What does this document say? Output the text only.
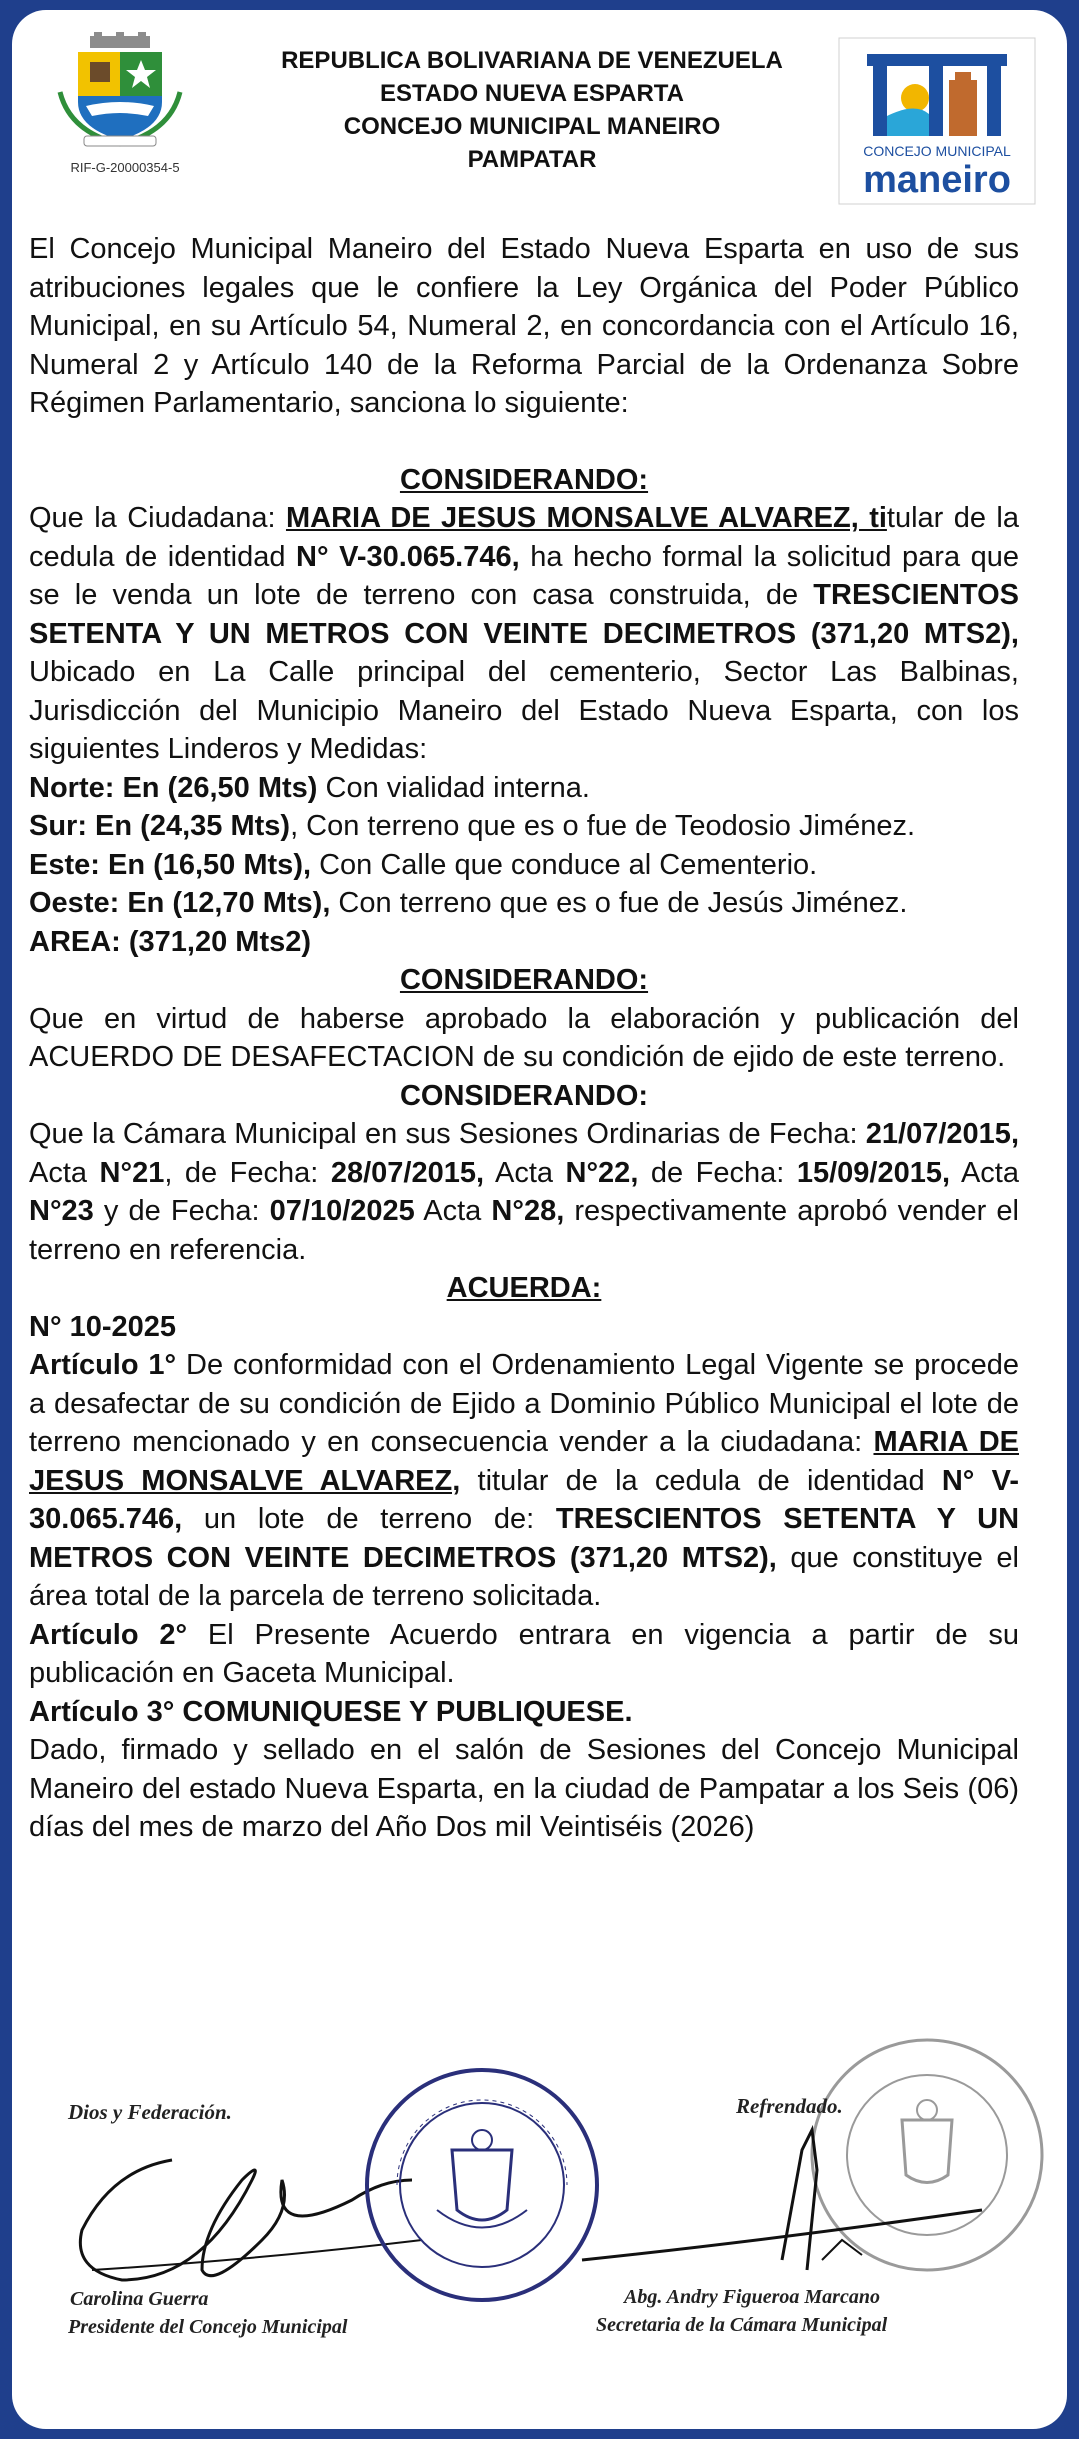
RIF-G-20000354-5
REPUBLICA BOLIVARIANA DE VENEZUELA
ESTADO NUEVA ESPARTA
CONCEJO MUNICIPAL MANEIRO
PAMPATAR	CONCEJO MUNICIPAL
maneiro

El Concejo Municipal Maneiro del Estado Nueva Esparta en uso de sus atribuciones legales que le confiere la Ley Orgánica del Poder Público Municipal, en su Artículo 54, Numeral 2, en concordancia con el Artículo 16, Numeral 2 y Artículo 140 de la Reforma Parcial de la Ordenanza Sobre Régimen Parlamentario, sanciona lo siguiente:

CONSIDERANDO:

Que la Ciudadana: MARIA DE JESUS MONSALVE ALVAREZ, titular de la cedula de identidad N° V-30.065.746, ha hecho formal la solicitud para que se le venda un lote de terreno con casa construida, de TRESCIENTOS SETENTA Y UN METROS CON VEINTE DECIMETROS (371,20 MTS2), Ubicado en La Calle principal del cementerio, Sector Las Balbinas, Jurisdicción del Municipio Maneiro del Estado Nueva Esparta, con los siguientes Linderos y Medidas:

Norte: En (26,50 Mts) Con vialidad interna.

Sur: En (24,35 Mts), Con terreno que es o fue de Teodosio Jiménez.

Este: En (16,50 Mts), Con Calle que conduce al Cementerio.

Oeste: En (12,70 Mts), Con terreno que es o fue de Jesús Jiménez.

AREA: (371,20 Mts2)

CONSIDERANDO:

Que en virtud de haberse aprobado la elaboración y publicación del ACUERDO DE DESAFECTACION de su condición de ejido de este terreno.

CONSIDERANDO:

Que la Cámara Municipal en sus Sesiones Ordinarias de Fecha: 21/07/2015, Acta N°21, de Fecha: 28/07/2015, Acta N°22, de Fecha: 15/09/2015, Acta N°23 y de Fecha: 07/10/2025 Acta N°28, respectivamente aprobó vender el terreno en referencia.

ACUERDA:

N° 10-2025

Artículo 1° De conformidad con el Ordenamiento Legal Vigente se procede a desafectar de su condición de Ejido a Dominio Público Municipal el lote de terreno mencionado y en consecuencia vender a la ciudadana: MARIA DE JESUS MONSALVE ALVAREZ, titular de la cedula de identidad N° V-30.065.746, un lote de terreno de: TRESCIENTOS SETENTA Y UN METROS CON VEINTE DECIMETROS (371,20 MTS2), que constituye el área total de la parcela de terreno solicitada.

Artículo 2° El Presente Acuerdo entrara en vigencia a partir de su publicación en Gaceta Municipal.

Artículo 3° COMUNIQUESE Y PUBLIQUESE.

Dado, firmado y sellado en el salón de Sesiones del Concejo Municipal Maneiro del estado Nueva Esparta, en la ciudad de Pampatar a los Seis (06) días del mes de marzo del Año Dos mil Veintiséis (2026)

Dios y Federación.
Carolina Guerra
Presidente del Concejo Municipal
Refrendado.
Abg. Andry Figueroa Marcano
Secretaria de la Cámara Municipal
